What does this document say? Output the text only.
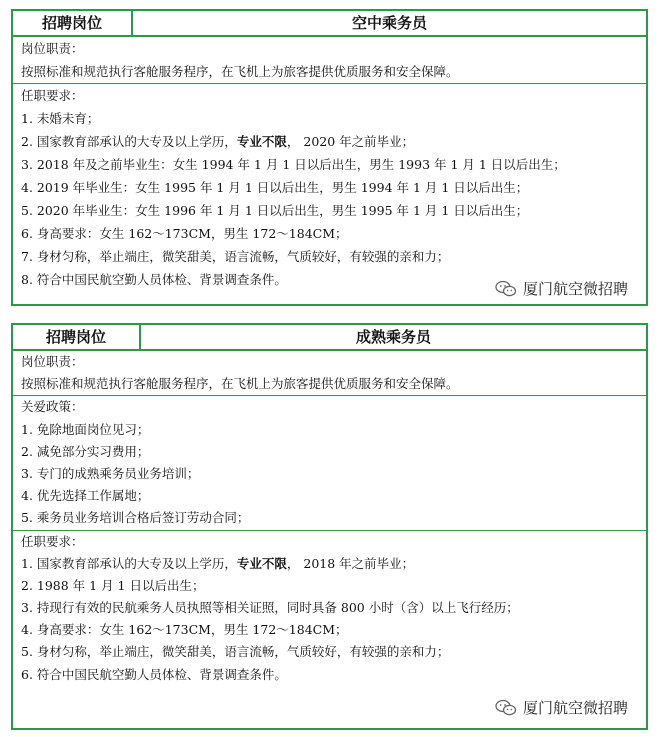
招聘岗位	空中乘务员
岗位职责：
按照标准和规范执行客舱服务程序，在飞机上为旅客提供优质服务和安全保障。
任职要求：
1. 未婚未育；
2. 国家教育部承认的大专及以上学历，专业不限， 2020 年之前毕业；
3. 2018 年及之前毕业生：女生 1994 年 1 月 1 日以后出生，男生 1993 年 1 月 1 日以后出生；
4. 2019 年毕业生：女生 1995 年 1 月 1 日以后出生，男生 1994 年 1 月 1 日以后出生；
5. 2020 年毕业生：女生 1996 年 1 月 1 日以后出生，男生 1995 年 1 月 1 日以后出生；
6. 身高要求：女生 162～173CM，男生 172～184CM；
7. 身材匀称，举止端庄，微笑甜美，语言流畅，气质较好，有较强的亲和力；
8. 符合中国民航空勤人员体检、背景调查条件。
厦门航空微招聘
招聘岗位	成熟乘务员
岗位职责：
按照标准和规范执行客舱服务程序，在飞机上为旅客提供优质服务和安全保障。
关爱政策：
1. 免除地面岗位见习；
2. 减免部分实习费用；
3. 专门的成熟乘务员业务培训；
4. 优先选择工作属地；
5. 乘务员业务培训合格后签订劳动合同；
任职要求：
1. 国家教育部承认的大专及以上学历，专业不限， 2018 年之前毕业；
2. 1988 年 1 月 1 日以后出生；
3. 持现行有效的民航乘务人员执照等相关证照，同时具备 800 小时（含）以上飞行经历；
4. 身高要求：女生 162～173CM，男生 172～184CM；
5. 身材匀称，举止端庄，微笑甜美，语言流畅，气质较好，有较强的亲和力；
6. 符合中国民航空勤人员体检、背景调查条件。
厦门航空微招聘
